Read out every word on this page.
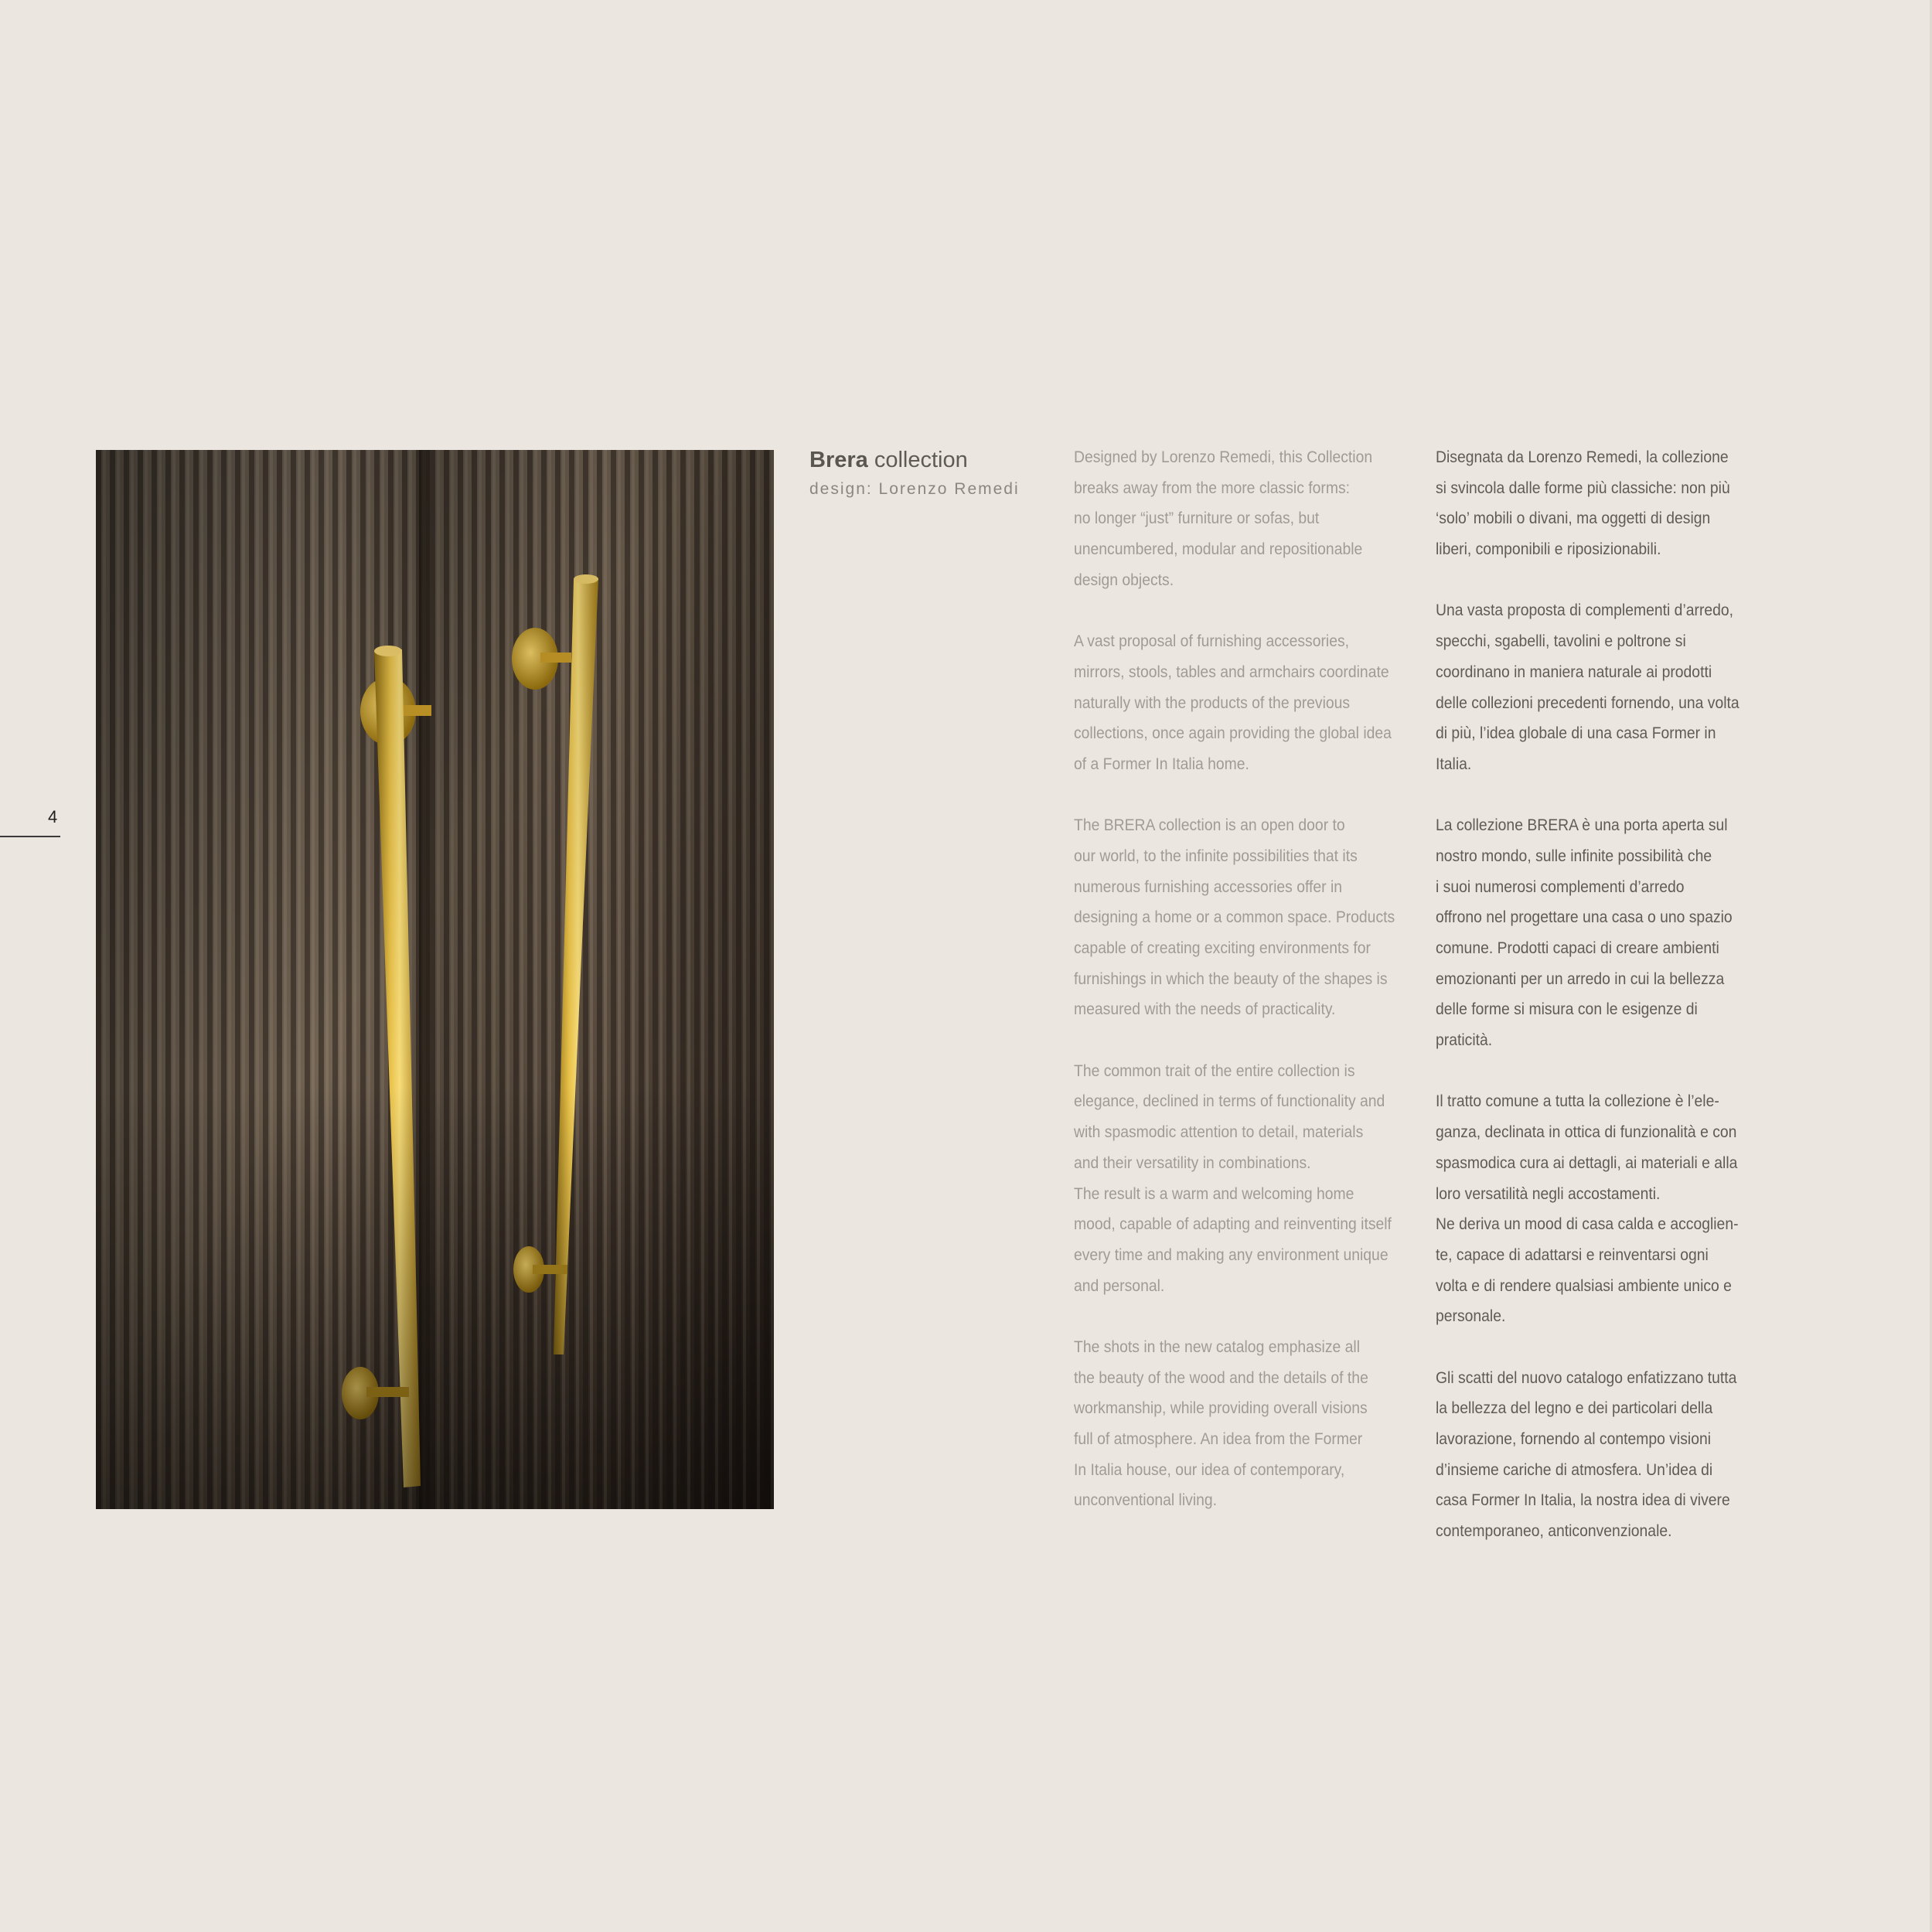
4
Brera collection
design: Lorenzo Remedi
Designed by Lorenzo Remedi, this Collection
breaks away from the more classic forms:
no longer “just” furniture or sofas, but
unencumbered, modular and repositionable
design objects.
A vast proposal of furnishing accessories,
mirrors, stools, tables and armchairs coordinate
naturally with the products of the previous
collections, once again providing the global idea
of a Former In Italia home.
The BRERA collection is an open door to
our world, to the infinite possibilities that its
numerous furnishing accessories offer in
designing a home or a common space. Products
capable of creating exciting environments for
furnishings in which the beauty of the shapes is
measured with the needs of practicality.
The common trait of the entire collection is
elegance, declined in terms of functionality and
with spasmodic attention to detail, materials
and their versatility in combinations.
The result is a warm and welcoming home
mood, capable of adapting and reinventing itself
every time and making any environment unique
and personal.
The shots in the new catalog emphasize all
the beauty of the wood and the details of the
workmanship, while providing overall visions
full of atmosphere. An idea from the Former
In Italia house, our idea of contemporary,
unconventional living.
Disegnata da Lorenzo Remedi, la collezione
si svincola dalle forme più classiche: non più
‘solo’ mobili o divani, ma oggetti di design
liberi, componibili e riposizionabili.
Una vasta proposta di complementi d’arredo,
specchi, sgabelli, tavolini e poltrone si
coordinano in maniera naturale ai prodotti
delle collezioni precedenti fornendo, una volta
di più, l’idea globale di una casa Former in
Italia.
La collezione BRERA è una porta aperta sul
nostro mondo, sulle infinite possibilità che
i suoi numerosi complementi d’arredo
offrono nel progettare una casa o uno spazio
comune. Prodotti capaci di creare ambienti
emozionanti per un arredo in cui la bellezza
delle forme si misura con le esigenze di
praticità.
Il tratto comune a tutta la collezione è l’ele-
ganza, declinata in ottica di funzionalità e con
spasmodica cura ai dettagli, ai materiali e alla
loro versatilità negli accostamenti.
Ne deriva un mood di casa calda e accoglien-
te, capace di adattarsi e reinventarsi ogni
volta e di rendere qualsiasi ambiente unico e
personale.
Gli scatti del nuovo catalogo enfatizzano tutta
la bellezza del legno e dei particolari della
lavorazione, fornendo al contempo visioni
d’insieme cariche di atmosfera. Un’idea di
casa Former In Italia, la nostra idea di vivere
contemporaneo, anticonvenzionale.
